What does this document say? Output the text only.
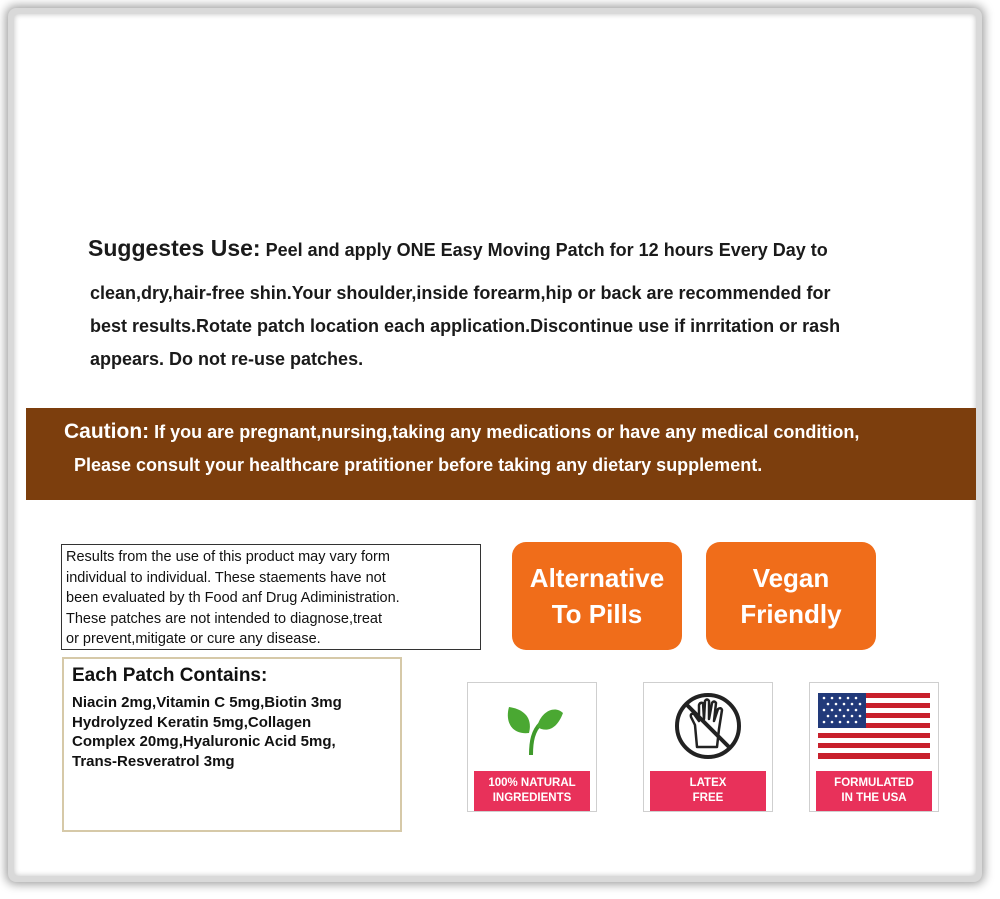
Suggestes Use: Peel and apply ONE Easy Moving Patch for 12 hours Every Day to

clean,dry,hair-free shin.Your shoulder,inside forearm,hip or back are recommended for

best results.Rotate patch location each application.Discontinue use if inrritation or rash

appears. Do not re-use patches.

Caution: If you are pregnant,nursing,taking any medications or have any medical condition,
Please consult your healthcare pratitioner before taking any dietary supplement.

Results from the use of this product may vary form

individual to individual. These staements have not

been evaluated by th Food anf Drug Adiministration.

These patches are not intended to diagnose,treat

or prevent,mitigate or cure any disease.

Each Patch Contains:

Niacin 2mg,Vitamin C 5mg,Biotin 3mg

Hydrolyzed Keratin 5mg,Collagen

Complex 20mg,Hyaluronic Acid 5mg,

Trans-Resveratrol 3mg

Alternative
To Pills
Vegan
Friendly
100% NATURAL
INGREDIENTS
LATEX
FREE
FORMULATED
IN THE USA
